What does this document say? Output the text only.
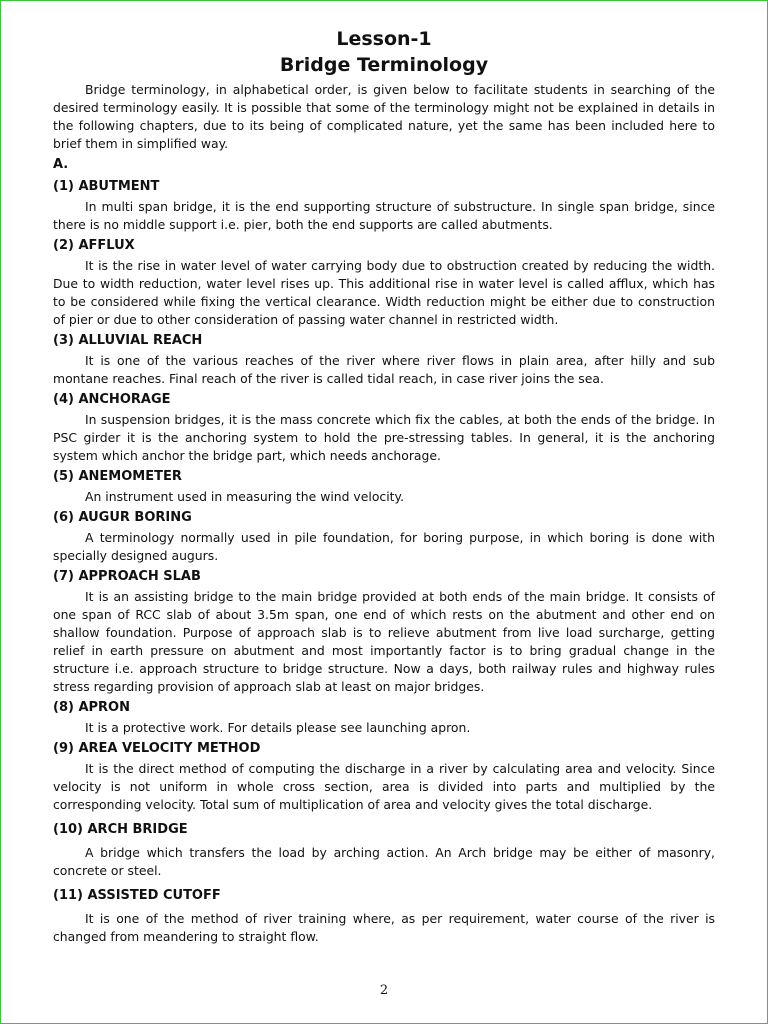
Lesson-1
Bridge Terminology

Bridge terminology, in alphabetical order, is given below to facilitate students in searching of the desired terminology easily. It is possible that some of the terminology might not be explained in details in the following chapters, due to its being of complicated nature, yet the same has been included here to brief them in simplified way.

A.
(1) ABUTMENT

In multi span bridge, it is the end supporting structure of substructure. In single span bridge, since there is no middle support i.e. pier, both the end supports are called abutments.

(2) AFFLUX

It is the rise in water level of water carrying body due to obstruction created by reducing the width. Due to width reduction, water level rises up. This additional rise in water level is called afflux, which has to be considered while fixing the vertical clearance. Width reduction might be either due to construction of pier or due to other consideration of passing water channel in restricted width.

(3) ALLUVIAL REACH

It is one of the various reaches of the river where river flows in plain area, after hilly and sub montane reaches. Final reach of the river is called tidal reach, in case river joins the sea.

(4) ANCHORAGE

In suspension bridges, it is the mass concrete which fix the cables, at both the ends of the bridge. In PSC girder it is the anchoring system to hold the pre-stressing tables. In general, it is the anchoring system which anchor the bridge part, which needs anchorage.

(5) ANEMOMETER

An instrument used in measuring the wind velocity.

(6) AUGUR BORING

A terminology normally used in pile foundation, for boring purpose, in which boring is done with specially designed augurs.

(7) APPROACH SLAB

It is an assisting bridge to the main bridge provided at both ends of the main bridge. It consists of one span of RCC slab of about 3.5m span, one end of which rests on the abutment and other end on shallow foundation. Purpose of approach slab is to relieve abutment from live load surcharge, getting relief in earth pressure on abutment and most importantly factor is to bring gradual change in the structure i.e. approach structure to bridge structure. Now a days, both railway rules and highway rules stress regarding provision of approach slab at least on major bridges.

(8) APRON

It is a protective work. For details please see launching apron.

(9) AREA VELOCITY METHOD

It is the direct method of computing the discharge in a river by calculating area and velocity. Since velocity is not uniform in whole cross section, area is divided into parts and multiplied by the corresponding velocity. Total sum of multiplication of area and velocity gives the total discharge.

(10) ARCH BRIDGE

A bridge which transfers the load by arching action. An Arch bridge may be either of masonry, concrete or steel.

(11) ASSISTED CUTOFF

It is one of the method of river training where, as per requirement, water course of the river is changed from meandering to straight flow.

2
